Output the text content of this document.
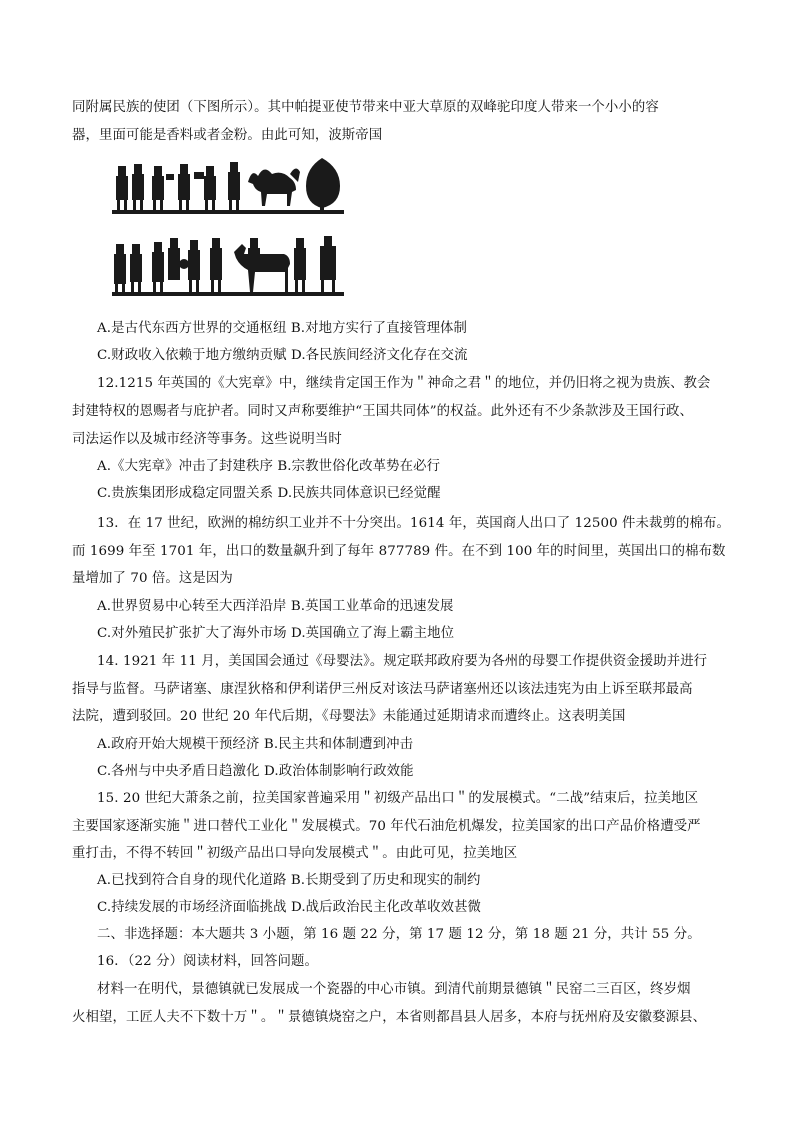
同附属民族的使团（下图所示）。其中帕提亚使节带来中亚大草原的双峰驼印度人带来一个小小的容
器，里面可能是香料或者金粉。由此可知，波斯帝国
A.是古代东西方世界的交通枢纽 B.对地方实行了直接管理体制
C.财政收入依赖于地方缴纳贡赋 D.各民族间经济文化存在交流
12.1215 年英国的《大宪章》中，继续肯定国王作为＂神命之君＂的地位，并仍旧将之视为贵族、教会
封建特权的恩赐者与庇护者。同时又声称要维护“王国共同体”的权益。此外还有不少条款涉及王国行政、
司法运作以及城市经济等事务。这些说明当时
A.《大宪章》冲击了封建秩序 B.宗教世俗化改革势在必行
C.贵族集团形成稳定同盟关系 D.民族共同体意识已经觉醒
13．在 17 世纪，欧洲的棉纺织工业并不十分突出。1614 年，英国商人出口了 12500 件未裁剪的棉布。
而 1699 年至 1701 年，出口的数量飙升到了每年 877789 件。在不到 100 年的时间里，英国出口的棉布数
量增加了 70 倍。这是因为
A.世界贸易中心转至大西洋沿岸 B.英国工业革命的迅速发展
C.对外殖民扩张扩大了海外市场 D.英国确立了海上霸主地位
14. 1921 年 11 月，美国国会通过《母婴法》。规定联邦政府要为各州的母婴工作提供资金援助并进行
指导与监督。马萨诸塞、康涅狄格和伊利诺伊三州反对该法马萨诸塞州还以该法违宪为由上诉至联邦最高
法院，遭到驳回。20 世纪 20 年代后期，《母婴法》未能通过延期请求而遭终止。这表明美国
A.政府开始大规模干预经济 B.民主共和体制遭到冲击
C.各州与中央矛盾日趋激化 D.政治体制影响行政效能
15. 20 世纪大萧条之前，拉美国家普遍采用＂初级产品出口＂的发展模式。“二战”结束后，拉美地区
主要国家逐渐实施＂进口替代工业化＂发展模式。70 年代石油危机爆发，拉美国家的出口产品价格遭受严
重打击，不得不转回＂初级产品出口导向发展模式＂。由此可见，拉美地区
A.已找到符合自身的现代化道路 B.长期受到了历史和现实的制约
C.持续发展的市场经济面临挑战 D.战后政治民主化改革收效甚微
二、非选择题：本大题共 3 小题，第 16 题 22 分，第 17 题 12 分，第 18 题 21 分，共计 55 分。
16．（22 分）阅读材料，回答问题。
材料一在明代，景德镇就已发展成一个瓷器的中心市镇。到清代前期景德镇＂民窑二三百区，终岁烟
火相望，工匠人夫不下数十万＂。＂景德镇烧窑之户，本省则都昌县人居多，本府与抚州府及安徽婺源县、
